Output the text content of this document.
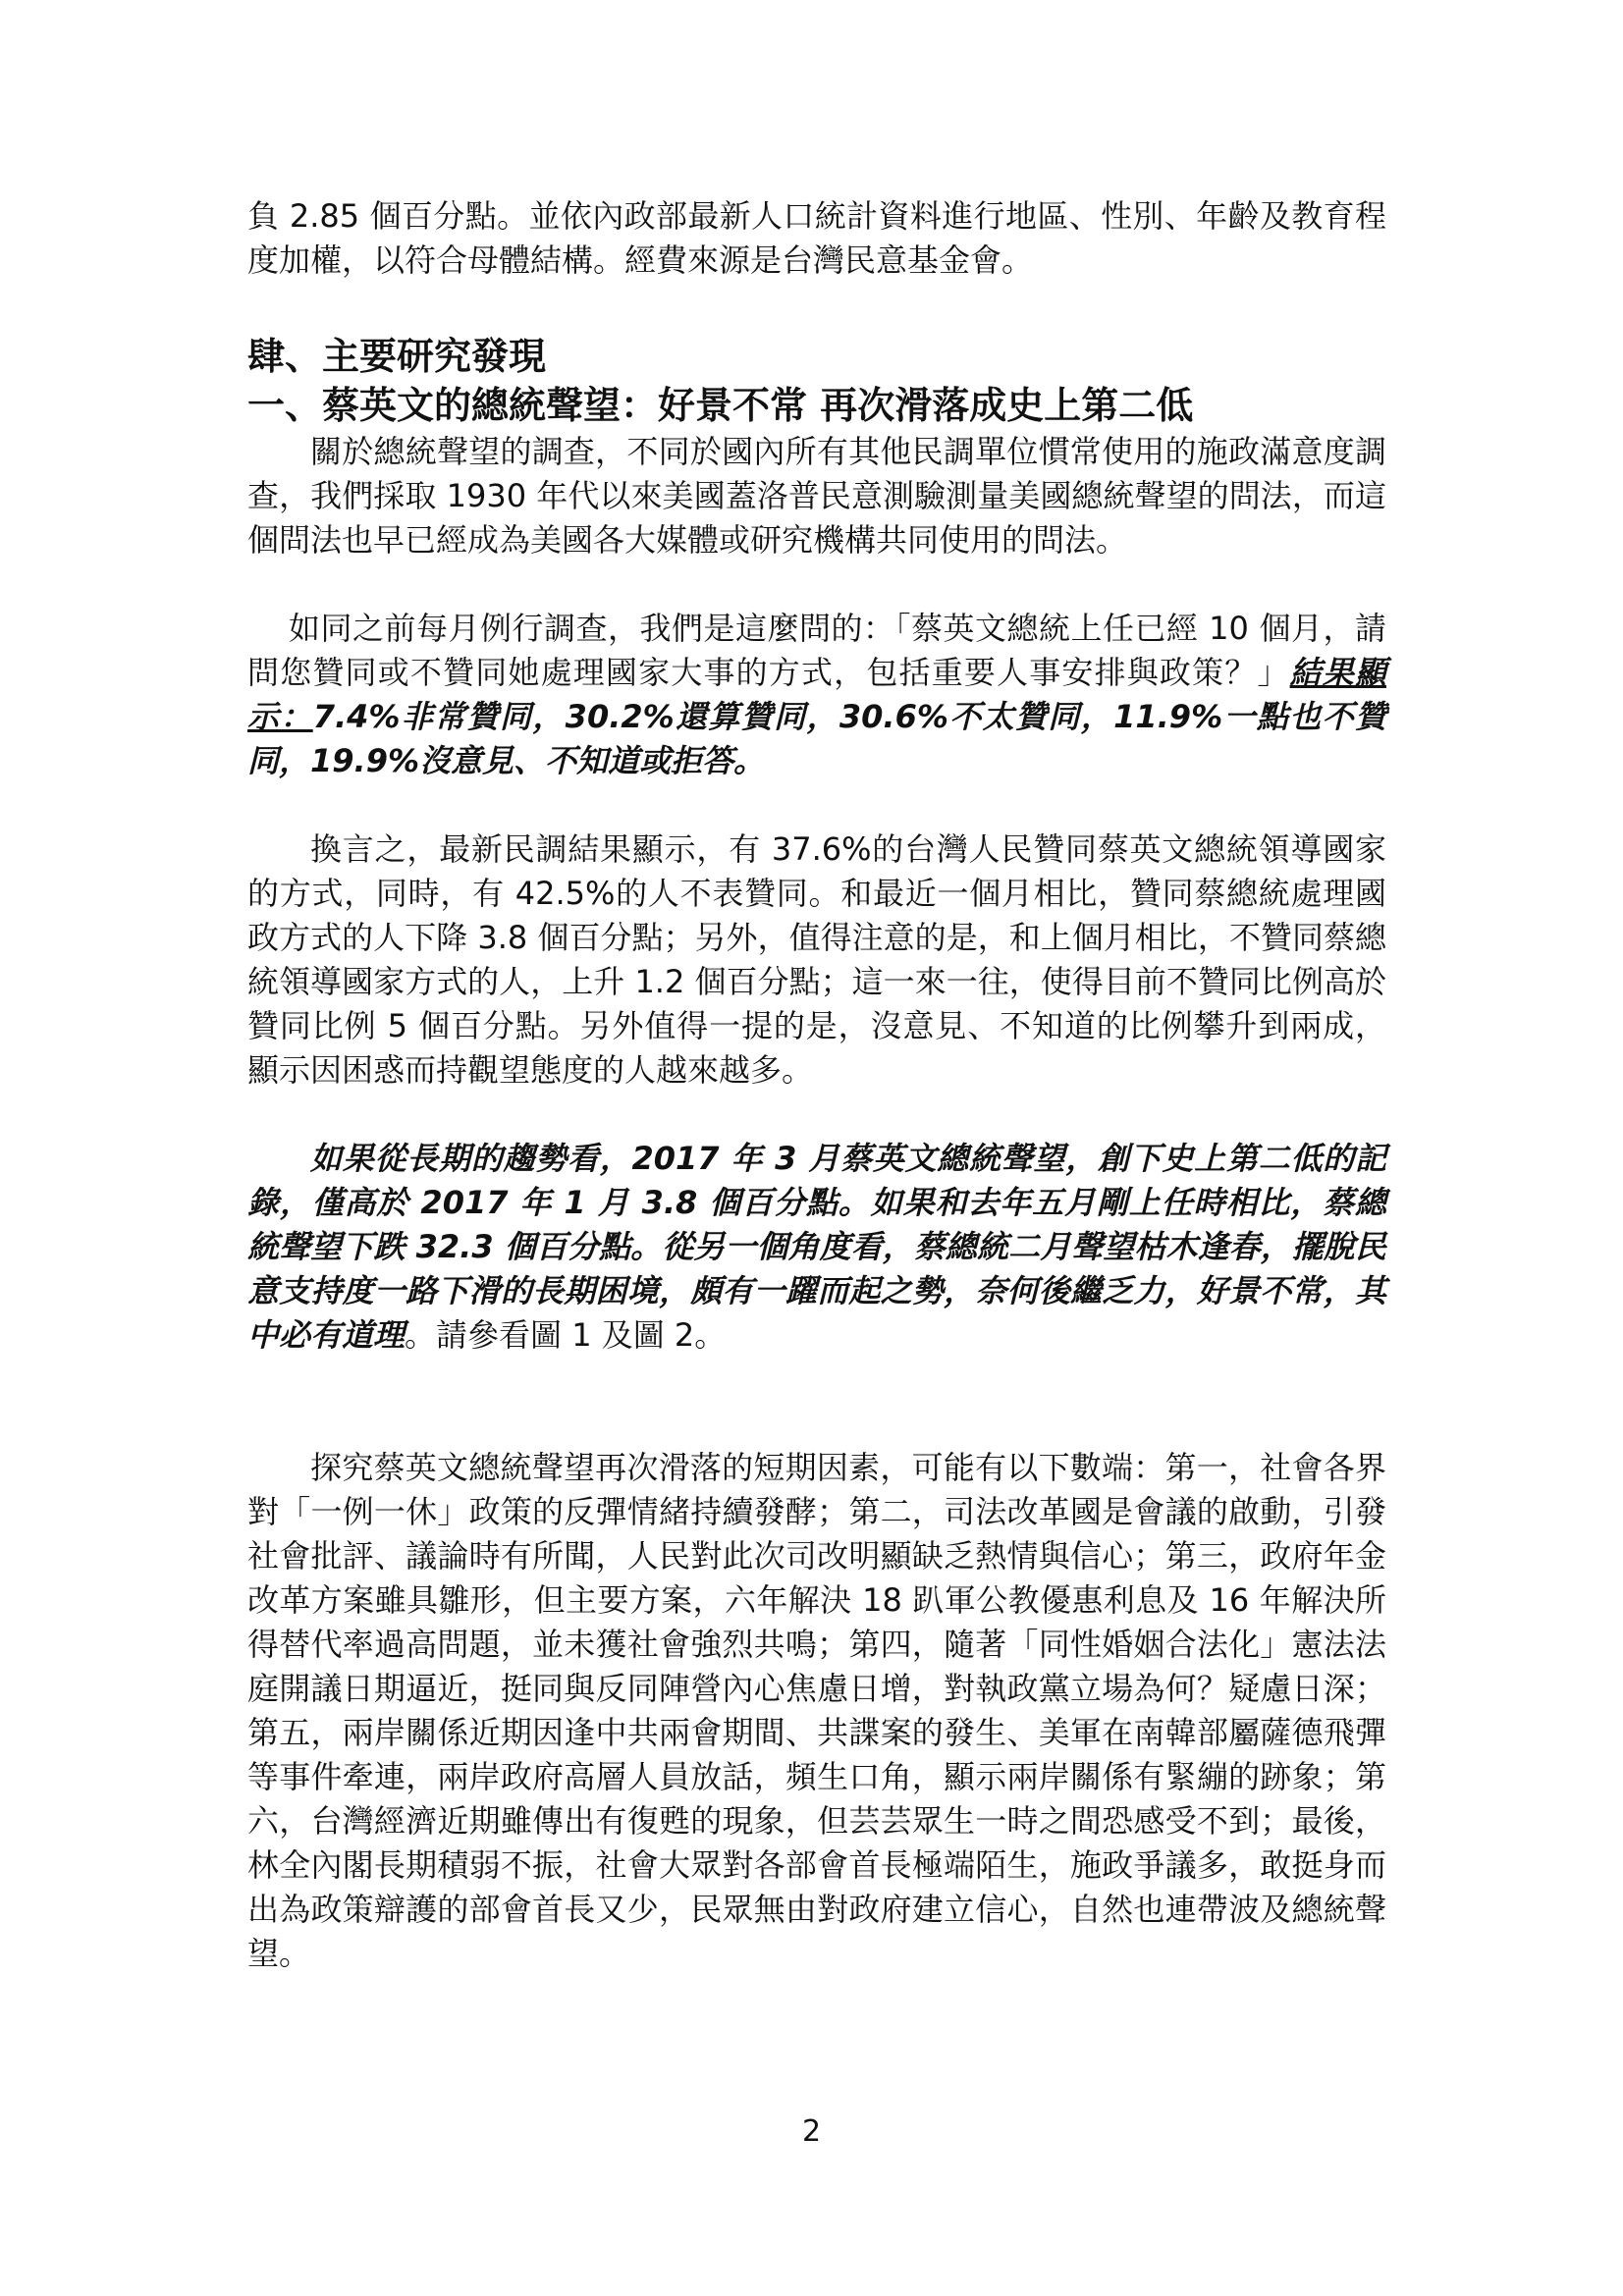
負 2.85 個百分點。並依內政部最新人口統計資料進行地區、性別、年齡及教育程度加權，以符合母體結構。經費來源是台灣民意基金會。

肆、主要研究發現
一、蔡英文的總統聲望：好景不常 再次滑落成史上第二低

關於總統聲望的調查，不同於國內所有其他民調單位慣常使用的施政滿意度調查，我們採取 1930 年代以來美國蓋洛普民意測驗測量美國總統聲望的問法，而這個問法也早已經成為美國各大媒體或研究機構共同使用的問法。

如同之前每月例行調查，我們是這麼問的：「蔡英文總統上任已經 10 個月，請問您贊同或不贊同她處理國家大事的方式，包括重要人事安排與政策？」結果顯示：7.4%非常贊同，30.2%還算贊同，30.6%不太贊同，11.9%一點也不贊同，19.9%沒意見、不知道或拒答。

換言之，最新民調結果顯示，有 37.6%的台灣人民贊同蔡英文總統領導國家的方式，同時，有 42.5%的人不表贊同。和最近一個月相比，贊同蔡總統處理國政方式的人下降 3.8 個百分點；另外，值得注意的是，和上個月相比，不贊同蔡總統領導國家方式的人，上升 1.2 個百分點；這一來一往，使得目前不贊同比例高於贊同比例 5 個百分點。另外值得一提的是，沒意見、不知道的比例攀升到兩成，顯示因困惑而持觀望態度的人越來越多。

如果從長期的趨勢看，2017 年 3 月蔡英文總統聲望，創下史上第二低的記錄，僅高於 2017 年 1 月 3.8 個百分點。如果和去年五月剛上任時相比，蔡總統聲望下跌 32.3 個百分點。從另一個角度看，蔡總統二月聲望枯木逢春，擺脫民意支持度一路下滑的長期困境，頗有一躍而起之勢，奈何後繼乏力，好景不常，其中必有道理。請參看圖 1 及圖 2。

探究蔡英文總統聲望再次滑落的短期因素，可能有以下數端：第一，社會各界對「一例一休」政策的反彈情緒持續發酵；第二，司法改革國是會議的啟動，引發社會批評、議論時有所聞，人民對此次司改明顯缺乏熱情與信心；第三，政府年金改革方案雖具雛形，但主要方案，六年解決 18 趴軍公教優惠利息及 16 年解決所得替代率過高問題，並未獲社會強烈共鳴；第四，隨著「同性婚姻合法化」憲法法庭開議日期逼近，挺同與反同陣營內心焦慮日增，對執政黨立場為何？疑慮日深；第五，兩岸關係近期因逢中共兩會期間、共諜案的發生、美軍在南韓部屬薩德飛彈等事件牽連，兩岸政府高層人員放話，頻生口角，顯示兩岸關係有緊繃的跡象；第六，台灣經濟近期雖傳出有復甦的現象，但芸芸眾生一時之間恐感受不到；最後，林全內閣長期積弱不振，社會大眾對各部會首長極端陌生，施政爭議多，敢挺身而出為政策辯護的部會首長又少，民眾無由對政府建立信心，自然也連帶波及總統聲望。

2
